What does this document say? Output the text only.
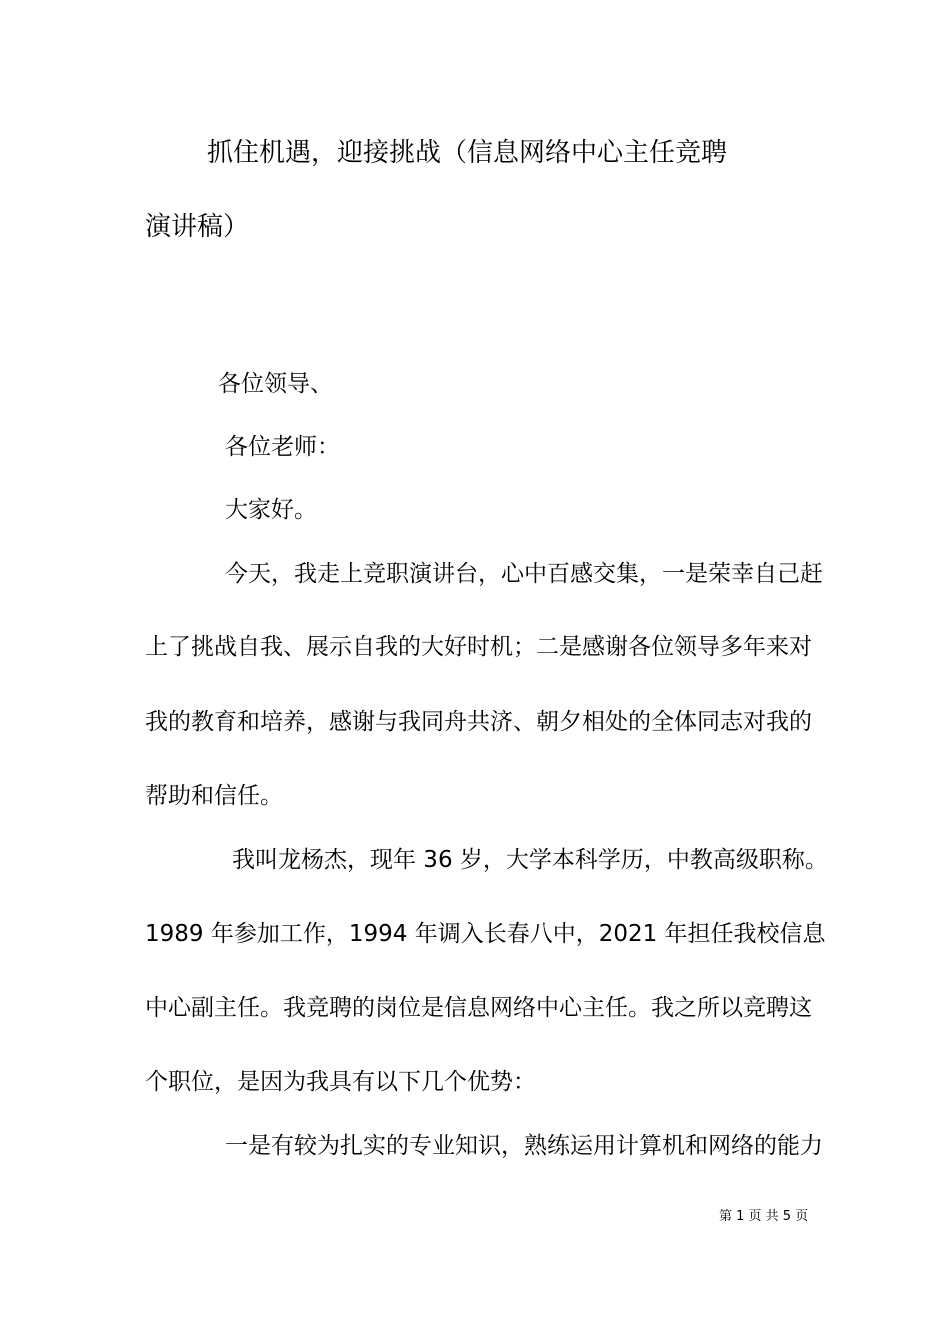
抓住机遇，迎接挑战（信息网络中心主任竞聘
演讲稿）
各位领导、
各位老师：
大家好。
今天，我走上竞职演讲台，心中百感交集，一是荣幸自己赶
上了挑战自我、展示自我的大好时机；二是感谢各位领导多年来对
我的教育和培养，感谢与我同舟共济、朝夕相处的全体同志对我的
帮助和信任。
我叫龙杨杰，现年 36 岁，大学本科学历，中教高级职称。
1989 年参加工作，1994 年调入长春八中，2021 年担任我校信息
中心副主任。我竞聘的岗位是信息网络中心主任。我之所以竞聘这
个职位，是因为我具有以下几个优势：
一是有较为扎实的专业知识，熟练运用计算机和网络的能力
第 1 页 共 5 页
